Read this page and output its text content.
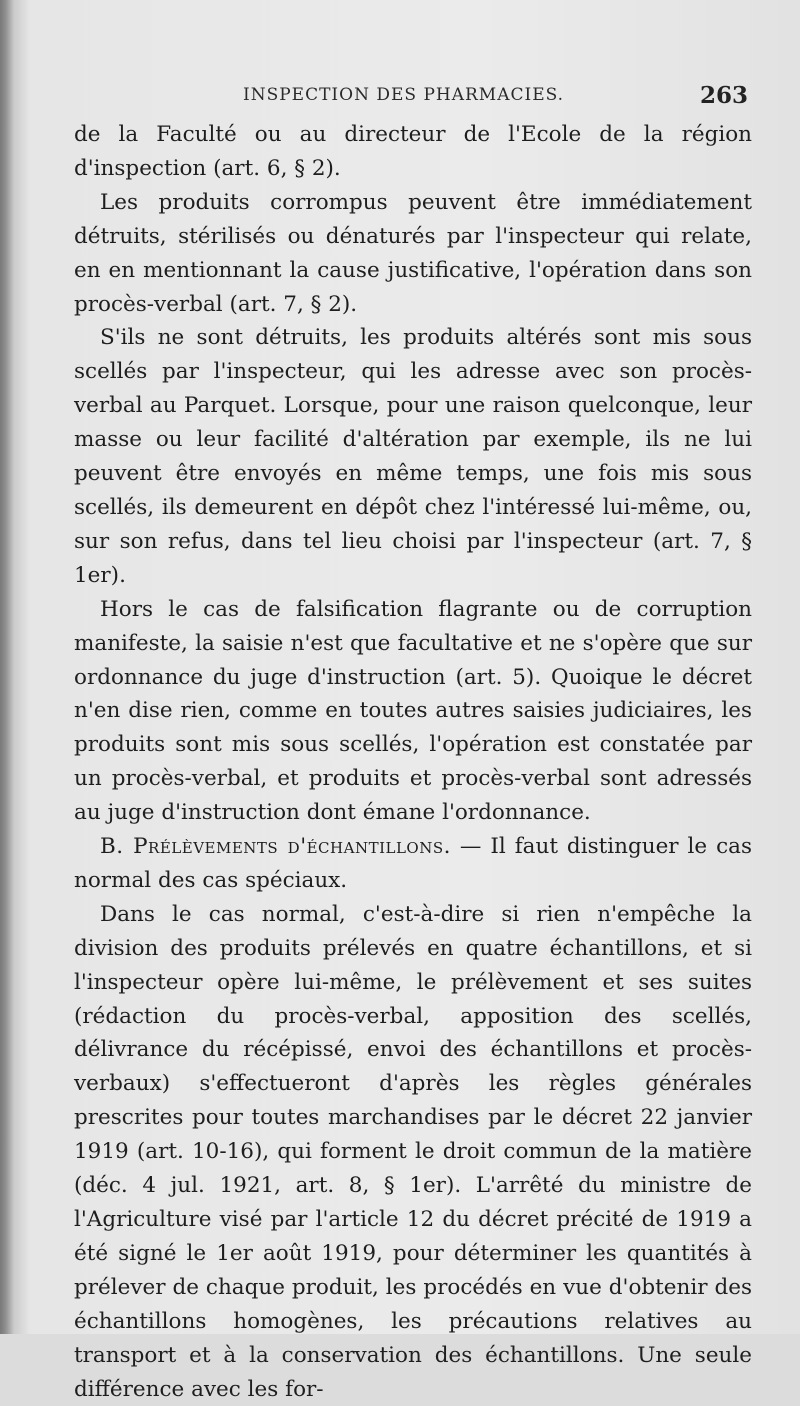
INSPECTION DES PHARMACIES.	263

de la Faculté ou au directeur de l'Ecole de la région d'inspection (art. 6, § 2).

Les produits corrompus peuvent être immédiatement détruits, stérilisés ou dénaturés par l'inspecteur qui relate, en en mentionnant la cause justificative, l'opération dans son procès-verbal (art. 7, § 2).

S'ils ne sont détruits, les produits altérés sont mis sous scellés par l'inspecteur, qui les adresse avec son procès-verbal au Parquet. Lorsque, pour une raison quelconque, leur masse ou leur facilité d'altération par exemple, ils ne lui peuvent être envoyés en même temps, une fois mis sous scellés, ils demeurent en dépôt chez l'intéressé lui-même, ou, sur son refus, dans tel lieu choisi par l'inspecteur (art. 7, § 1er).

Hors le cas de falsification flagrante ou de corruption manifeste, la saisie n'est que facultative et ne s'opère que sur ordonnance du juge d'instruction (art. 5). Quoique le décret n'en dise rien, comme en toutes autres saisies judiciaires, les produits sont mis sous scellés, l'opération est constatée par un procès-verbal, et produits et procès-verbal sont adressés au juge d'instruction dont émane l'ordonnance.

B. Prélèvements d'échantillons. — Il faut distinguer le cas normal des cas spéciaux.

Dans le cas normal, c'est-à-dire si rien n'empêche la division des produits prélevés en quatre échantillons, et si l'inspecteur opère lui-même, le prélèvement et ses suites (rédaction du procès-verbal, apposition des scellés, délivrance du récépissé, envoi des échantillons et procès-verbaux) s'effectueront d'après les règles générales prescrites pour toutes marchandises par le décret 22 janvier 1919 (art. 10-16), qui forment le droit commun de la matière (déc. 4 jul. 1921, art. 8, § 1er). L'arrêté du ministre de l'Agriculture visé par l'article 12 du décret précité de 1919 a été signé le 1er août 1919, pour déterminer les quantités à prélever de chaque produit, les procédés en vue d'obtenir des échantillons homogènes, les précautions relatives au transport et à la conservation des échantillons. Une seule différence avec les for-
